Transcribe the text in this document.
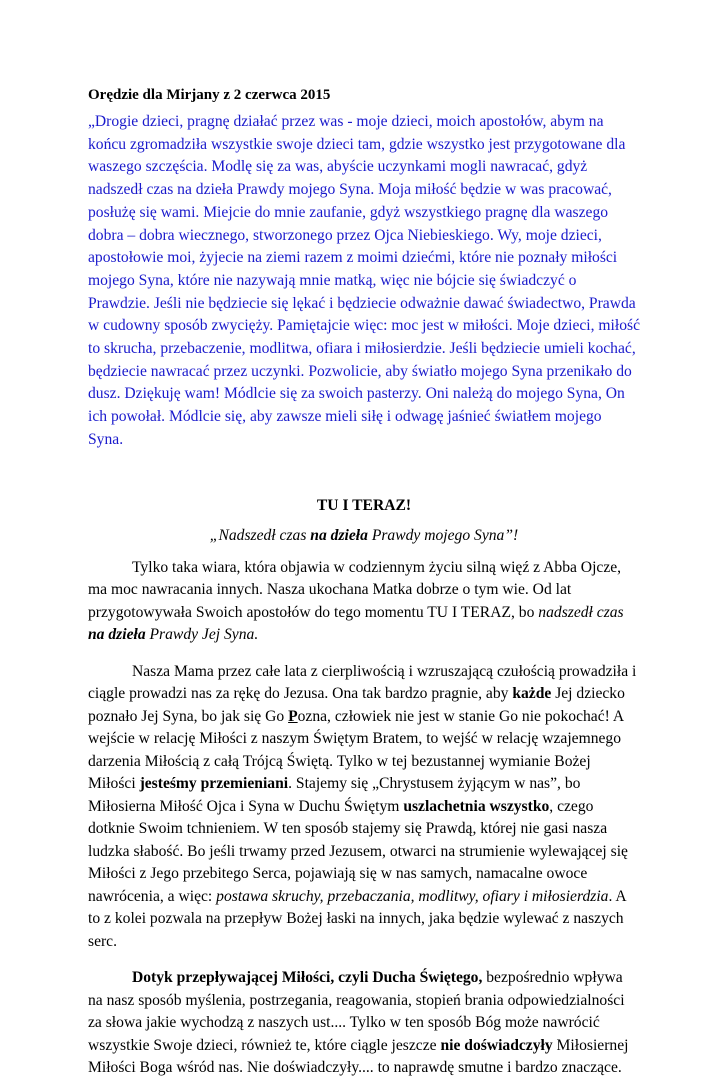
Orędzie dla Mirjany z 2 czerwca 2015

„Drogie dzieci, pragnę działać przez was - moje dzieci, moich apostołów, abym na końcu zgromadziła wszystkie swoje dzieci tam, gdzie wszystko jest przygotowane dla waszego szczęścia. Modlę się za was, abyście uczynkami mogli nawracać, gdyż nadszedł czas na dzieła Prawdy mojego Syna. Moja miłość będzie w was pracować, posłużę się wami. Miejcie do mnie zaufanie, gdyż wszystkiego pragnę dla waszego dobra – dobra wiecznego, stworzonego przez Ojca Niebieskiego. Wy, moje dzieci, apostołowie moi, żyjecie na ziemi razem z moimi dziećmi, które nie poznały miłości mojego Syna, które nie nazywają mnie matką, więc nie bójcie się świadczyć o Prawdzie. Jeśli nie będziecie się lękać i będziecie odważnie dawać świadectwo, Prawda w cudowny sposób zwycięży. Pamiętajcie więc: moc jest w miłości. Moje dzieci, miłość to skrucha, przebaczenie, modlitwa, ofiara i miłosierdzie. Jeśli będziecie umieli kochać, będziecie nawracać przez uczynki. Pozwolicie, aby światło mojego Syna przenikało do dusz. Dziękuję wam! Módlcie się za swoich pasterzy. Oni należą do mojego Syna, On ich powołał. Módlcie się, aby zawsze mieli siłę i odwagę jaśnieć światłem mojego Syna.

TU I TERAZ!

„Nadszedł czas na dzieła Prawdy mojego Syna”!

Tylko taka wiara, która objawia w codziennym życiu silną więź z Abba Ojcze, ma moc nawracania innych. Nasza ukochana Matka dobrze o tym wie. Od lat przygotowywała Swoich apostołów do tego momentu TU I TERAZ, bo nadszedł czas na dzieła Prawdy Jej Syna.

Nasza Mama przez całe lata z cierpliwością i wzruszającą czułością prowadziła i ciągle prowadzi nas za rękę do Jezusa. Ona tak bardzo pragnie, aby każde Jej dziecko poznało Jej Syna, bo jak się Go Pozna, człowiek nie jest w stanie Go nie pokochać! A wejście w relację Miłości z naszym Świętym Bratem, to wejść w relację wzajemnego darzenia Miłością z całą Trójcą Świętą. Tylko w tej bezustannej wymianie Bożej Miłości jesteśmy przemieniani. Stajemy się „Chrystusem żyjącym w nas”, bo Miłosierna Miłość Ojca i Syna w Duchu Świętym uszlachetnia wszystko, czego dotknie Swoim tchnieniem. W ten sposób stajemy się Prawdą, której nie gasi nasza ludzka słabość. Bo jeśli trwamy przed Jezusem, otwarci na strumienie wylewającej się Miłości z Jego przebitego Serca, pojawiają się w nas samych, namacalne owoce nawrócenia, a więc: postawa skruchy, przebaczania, modlitwy, ofiary i miłosierdzia. A to z kolei pozwala na przepływ Bożej łaski na innych, jaka będzie wylewać z naszych serc.

Dotyk przepływającej Miłości, czyli Ducha Świętego, bezpośrednio wpływa na nasz sposób myślenia, postrzegania, reagowania, stopień brania odpowiedzialności za słowa jakie wychodzą z naszych ust.... Tylko w ten sposób Bóg może nawrócić wszystkie Swoje dzieci, również te, które ciągle jeszcze nie doświadczyły Miłosiernej Miłości Boga wśród nas. Nie doświadczyły.... to naprawdę smutne i bardzo znaczące.
